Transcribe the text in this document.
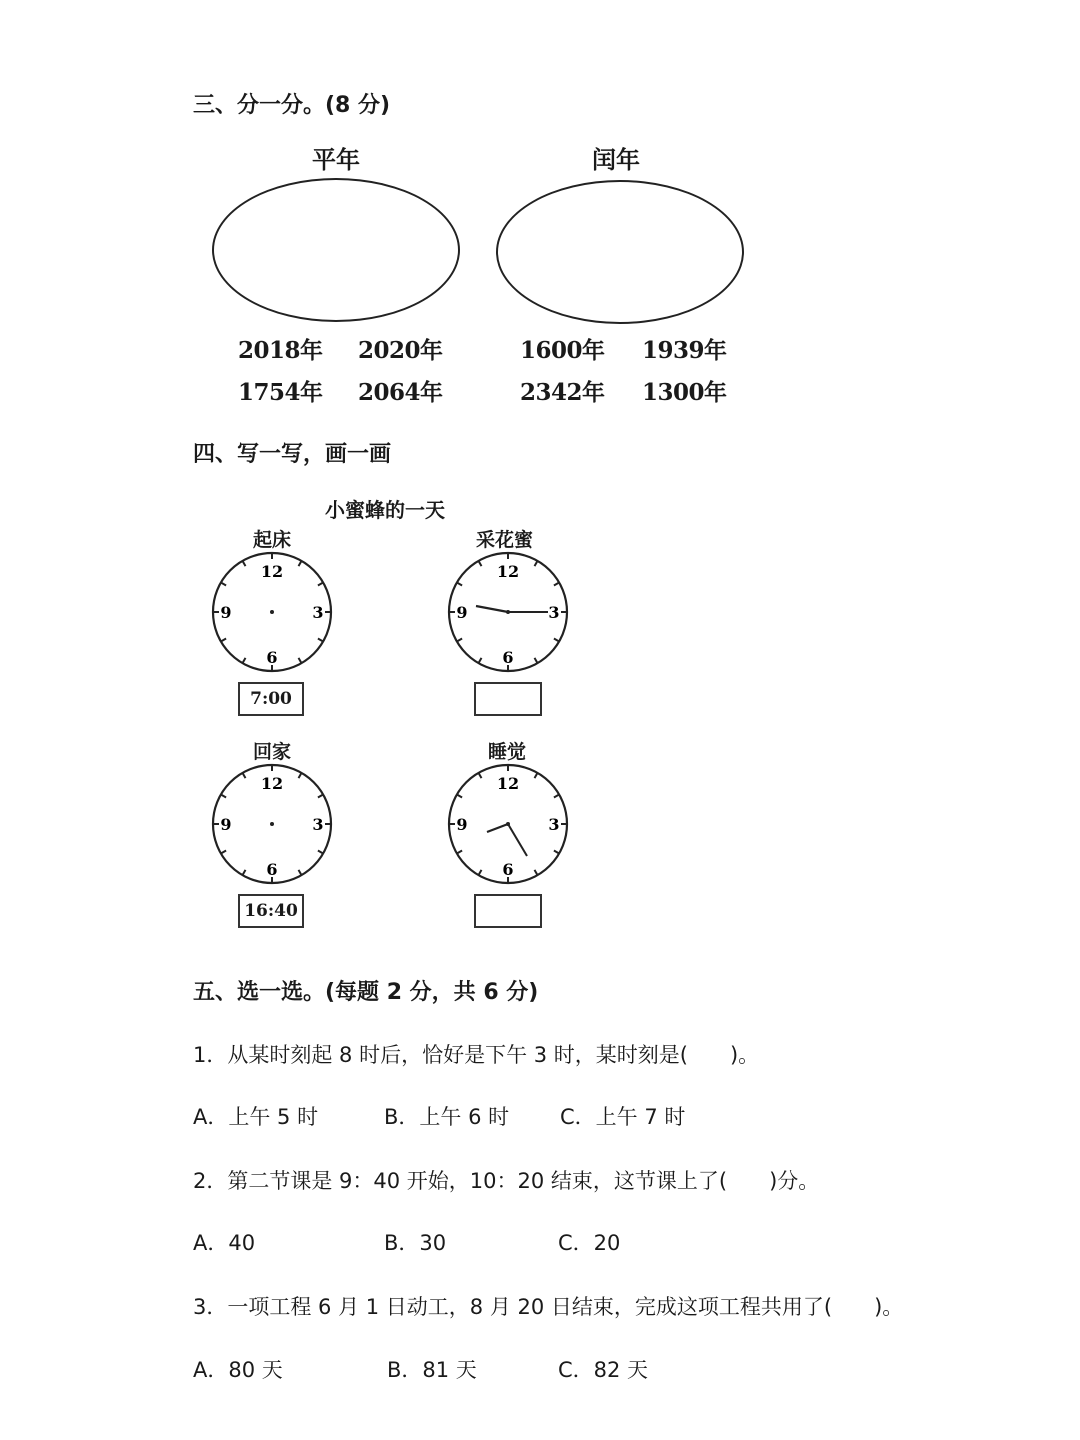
三、分一分。(8 分)
平年	闰年
2018年 2020年	1600年 1939年
1754年 2064年	2342年 1300年
四、写一写，画一画
小蜜蜂的一天
起床	采花蜜
回家	睡觉
12
3
6
9
12
3
6
9
12
3
6
9
12
3
6
9
7:00
16:40
五、选一选。(每题 2 分，共 6 分)
1．从某时刻起 8 时后，恰好是下午 3 时，某时刻是(　　)。
A．上午 5 时	B．上午 6 时 C．上午 7 时
2．第二节课是 9：40 开始，10：20 结束，这节课上了(　　)分。
A．40	B．30	C．20
3．一项工程 6 月 1 日动工，8 月 20 日结束，完成这项工程共用了(　　)。
A．80 天	B．81 天	C．82 天
